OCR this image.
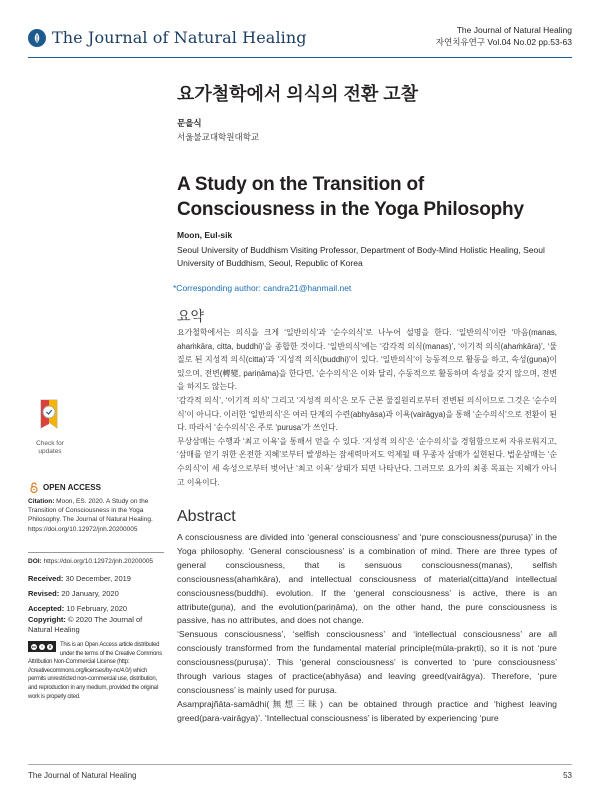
The Journal of Natural Healing	The Journal of Natural Healing
자연치유연구 Vol.04 No.02 pp.53-63
요가철학에서 의식의 전환 고찰
문을식
서울불교대학원대학교
A Study on the Transition of Consciousness in the Yoga Philosophy
Moon, Eul-sik
Seoul University of Buddhism Visiting Professor, Department of Body-Mind Holistic Healing, Seoul University of Buddhism, Seoul, Republic of Korea
*Corresponding author: candra21@hanmail.net
요약

요가철학에서는 의식을 크게 ‘일반의식’과 ‘순수의식’로 나누어 설명을 한다. ‘일반의식’이란 ‘마음(manas, ahaṁkāra, citta, buddhi)’을 종합한 것이다. ‘일반의식’에는 ‘감각적 의식(manas)’, ‘이기적 의식(ahaṁkāra)’, ‘물질로 된 지성적 의식(citta)’과 ‘지성적 의식(buddhi)’이 있다. ‘일반의식’이 능동적으로 활동을 하고, 속성(guṇa)이 있으며, 전변(轉變, pariṇāma)을 한다면, ‘순수의식’은 이와 달리, 수동적으로 활동하며 속성을 갖지 않으며, 전변을 하지도 않는다.

‘감각적 의식’, ‘이기적 의식’ 그리고 ‘지성적 의식’은 모두 근본 물질원리로부터 전변된 의식이므로 그것은 ‘순수의식’이 아니다. 이러한 ‘일반의식’은 여러 단계의 수련(abhyāsa)과 이욕(vairāgya)을 통해 ‘순수의식’으로 전환이 된다. 따라서 ‘순수의식’은 주로 ‘puruṣa’가 쓰인다.

무상삼매는 수행과 ‘최고 이욕’을 통해서 얻을 수 있다. ‘지성적 의식’은 ‘순수의식’을 경험함으로써 자유로워지고, ‘삼매를 얻기 위한 온전한 지혜’로부터 발생하는 잠세력마저도 억제될 때 무종자 삼매가 실현된다. 법운삼매는 ‘순수의식’이 세 속성으로부터 벗어난 ‘최고 이욕’ 상태가 되면 나타난다. 그러므로 요가의 최종 목표는 지혜가 아니고 이욕이다.

Abstract

A consciousness are divided into ‘general consciousness’ and ‘pure consciousness(puruṣa)’ in the Yoga philosophy. ‘General consciousness’ is a combination of mind. There are three types of general consciousness, that is sensuous consciousness(manas), selfish consciousness(ahaṁkāra), and intellectual consciousness of material(citta)/and intellectual consciousness(buddhi). evolution. If the ‘general consciousness’ is active, there is an attribute(guṇa), and the evolution(pariṇāma), on the other hand, the pure consciousness is passive, has no attributes, and does not change.

‘Sensuous consciousness’, ‘selfish consciousness’ and ‘intellectual consciousness’ are all consciously transformed from the fundamental material principle(mūla-prakṛti), so it is not ‘pure consciousness(puruṣa)’. This ‘general consciousness’ is converted to ‘pure consciousness’ through various stages of practice(abhyāsa) and leaving greed(vairāgya). Therefore, ‘pure consciousness’ is mainly used for puruṣa.

Asaṃprajñāta-samādhi(無想三昧) can be obtained through practice and ‘highest leaving greed(para-vairāgya)’. ‘Intellectual consciousness’ is liberated by experiencing ‘pure

Check for updates
OPEN ACCESS
Citation: Moon, ES. 2020. A Study on the Transition of Consciousness in the Yoga Philosophy. The Journal of Natural Healing. https://doi.org/10.12972/jnh.20200005
DOI: https://doi.org/10.12972/jnh.20200005
Received: 30 December, 2019
Revised: 20 January, 2020
Accepted: 10 February, 2020
Copyright: © 2020 The Journal of Natural Healing
cc	i	$	This is an Open Access article distributed under the terms of the Creative Commons Attribution Non-Commercial License (http: //creativecommons.org/licenses/by-nc/4.0/) which permits unrestricted non-commercial use, distribution, and reproduction in any medium, provided the original work is properly cited.
The Journal of Natural Healing	53
